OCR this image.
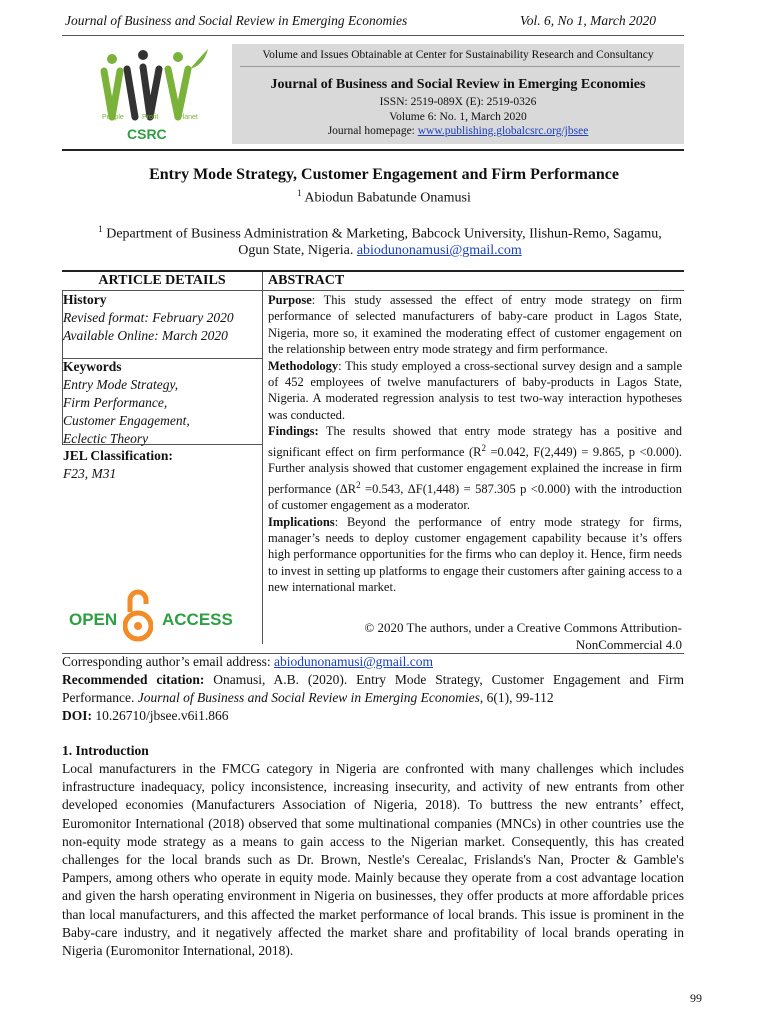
Journal of Business and Social Review in Emerging Economies	Vol. 6, No 1, March 2020
People	Profit	Planet
CSRC
Volume and Issues Obtainable at Center for Sustainability Research and Consultancy
Journal of Business and Social Review in Emerging Economies
ISSN: 2519-089X (E): 2519-0326
Volume 6: No. 1, March 2020
Journal homepage: www.publishing.globalcsrc.org/jbsee
Entry Mode Strategy, Customer Engagement and Firm Performance
$^1$ Abiodun Babatunde Onamusi
$^1$ Department of Business Administration & Marketing, Babcock University, Ilishun-Remo, Sagamu,
Ogun State, Nigeria. abiodunonamusi@gmail.com
ARTICLE DETAILS	ABSTRACT
History
Revised format: February 2020
Available Online: March 2020
Keywords
Entry Mode Strategy,
Firm Performance,
Customer Engagement,
Eclectic Theory
JEL Classification:
F23, M31
OPEN	ACCESS

Purpose: This study assessed the effect of entry mode strategy on firm performance of selected manufacturers of baby-care product in Lagos State, Nigeria, more so, it examined the moderating effect of customer engagement on the relationship between entry mode strategy and firm performance.

Methodology: This study employed a cross-sectional survey design and a sample of 452 employees of twelve manufacturers of baby-products in Lagos State, Nigeria. A moderated regression analysis to test two-way interaction hypotheses was conducted.

Findings: The results showed that entry mode strategy has a positive and significant effect on firm performance ($R^2 =0.042$, F(2,449) = 9.865, p <0.000). Further analysis showed that customer engagement explained the increase in firm performance ($\Delta R^2 =0.543$, ΔF(1,448) = 587.305 p <0.000) with the introduction of customer engagement as a moderator.

Implications: Beyond the performance of entry mode strategy for firms, manager’s needs to deploy customer engagement capability because it’s offers high performance opportunities for the firms who can deploy it. Hence, firm needs to invest in setting up platforms to engage their customers after gaining access to a new international market.

© 2020 The authors, under a Creative Commons Attribution-
NonCommercial 4.0
Corresponding author’s email address: abiodunonamusi@gmail.com
Recommended citation: Onamusi, A.B. (2020). Entry Mode Strategy, Customer Engagement and Firm Performance. Journal of Business and Social Review in Emerging Economies, 6(1), 99-112
DOI: 10.26710/jbsee.v6i1.866
1. Introduction
Local manufacturers in the FMCG category in Nigeria are confronted with many challenges which includes infrastructure inadequacy, policy inconsistence, increasing insecurity, and activity of new entrants from other developed economies (Manufacturers Association of Nigeria, 2018). To buttress the new entrants’ effect, Euromonitor International (2018) observed that some multinational companies (MNCs) in other countries use the non-equity mode strategy as a means to gain access to the Nigerian market. Consequently, this has created challenges for the local brands such as Dr. Brown, Nestle's Cerealac, Frislands's Nan, Procter & Gamble's Pampers, among others who operate in equity mode. Mainly because they operate from a cost advantage location and given the harsh operating environment in Nigeria on businesses, they offer products at more affordable prices than local manufacturers, and this affected the market performance of local brands. This issue is prominent in the Baby-care industry, and it negatively affected the market share and profitability of local brands operating in Nigeria (Euromonitor International, 2018).
99
